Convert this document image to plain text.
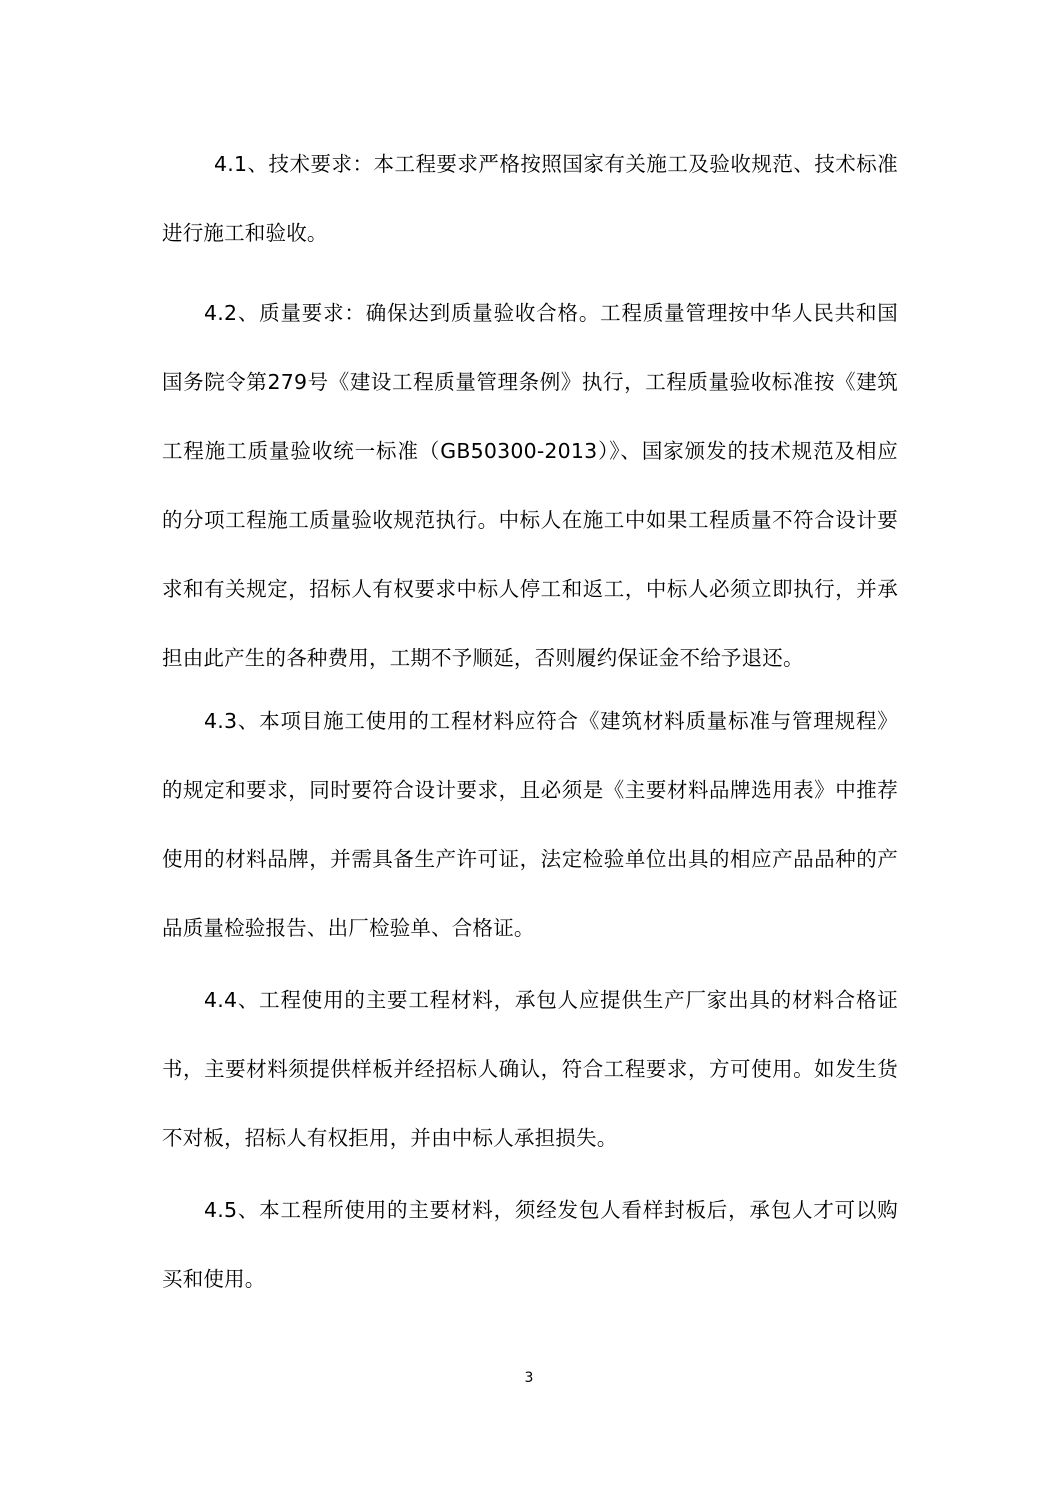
4.1、技术要求：本工程要求严格按照国家有关施工及验收规范、技术标准进行施工和验收。

4.2、质量要求：确保达到质量验收合格。工程质量管理按中华人民共和国国务院令第279号《建设工程质量管理条例》执行，工程质量验收标准按《建筑工程施工质量验收统一标准（GB50300-2013）》、国家颁发的技术规范及相应的分项工程施工质量验收规范执行。中标人在施工中如果工程质量不符合设计要求和有关规定，招标人有权要求中标人停工和返工，中标人必须立即执行，并承担由此产生的各种费用，工期不予顺延，否则履约保证金不给予退还。

4.3、本项目施工使用的工程材料应符合《建筑材料质量标准与管理规程》的规定和要求，同时要符合设计要求，且必须是《主要材料品牌选用表》中推荐使用的材料品牌，并需具备生产许可证，法定检验单位出具的相应产品品种的产品质量检验报告、出厂检验单、合格证。

4.4、工程使用的主要工程材料，承包人应提供生产厂家出具的材料合格证书，主要材料须提供样板并经招标人确认，符合工程要求，方可使用。如发生货不对板，招标人有权拒用，并由中标人承担损失。

4.5、本工程所使用的主要材料，须经发包人看样封板后，承包人才可以购买和使用。

3
